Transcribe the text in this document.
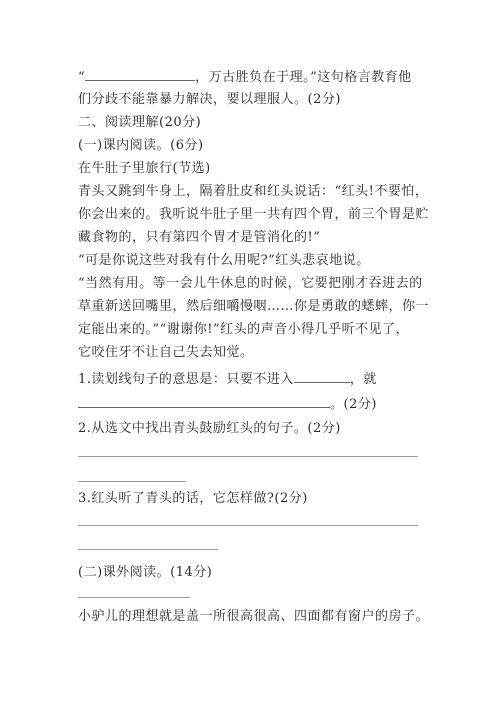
“	，万古胜负在于理。”这句格言教育他
们分歧不能靠暴力解决，要以理服人。(2分)
二、阅读理解(20分)
(一)课内阅读。(6分)
在牛肚子里旅行(节选)
青头又跳到牛身上，隔着肚皮和红头说话：“红头!不要怕，
你会出来的。我听说牛肚子里一共有四个胃，前三个胃是贮
藏食物的，只有第四个胃才是管消化的!”
“可是你说这些对我有什么用呢?”红头悲哀地说。
“当然有用。等一会儿牛休息的时候，它要把刚才吞进去的
草重新送回嘴里，然后细嚼慢咽……你是勇敢的蟋蟀，你一
定能出来的。”“谢谢你!”红头的声音小得几乎听不见了，
它咬住牙不让自己失去知觉。
1.读划线句子的意思是：只要不进入	，就
。(2分)
2.从选文中找出青头鼓励红头的句子。(2分)
3.红头听了青头的话，它怎样做?(2分)
(二)课外阅读。(14分)
小驴儿的理想就是盖一所很高很高、四面都有窗户的房子。
